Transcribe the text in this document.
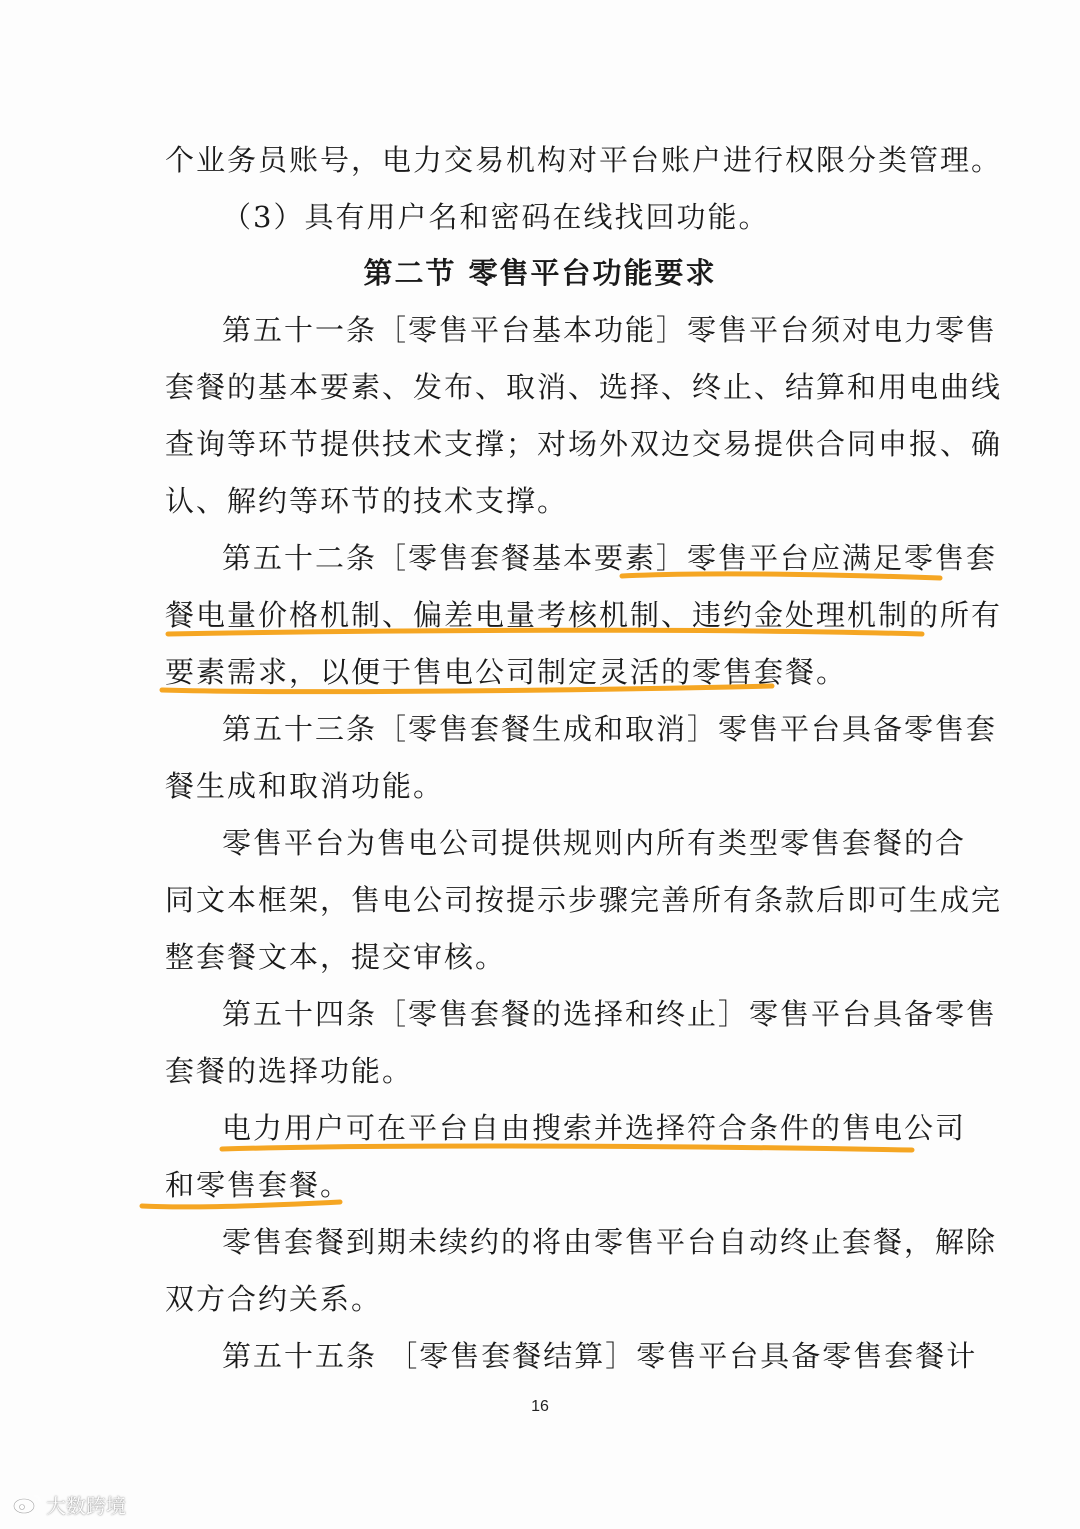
个业务员账号，电力交易机构对平台账户进行权限分类管理。
（3）具有用户名和密码在线找回功能。
第二节 零售平台功能要求
第五十一条［零售平台基本功能］零售平台须对电力零售
套餐的基本要素、发布、取消、选择、终止、结算和用电曲线
查询等环节提供技术支撑；对场外双边交易提供合同申报、确
认、解约等环节的技术支撑。
第五十二条［零售套餐基本要素］零售平台应满足零售套
餐电量价格机制、偏差电量考核机制、违约金处理机制的所有
要素需求，以便于售电公司制定灵活的零售套餐。
第五十三条［零售套餐生成和取消］零售平台具备零售套
餐生成和取消功能。
零售平台为售电公司提供规则内所有类型零售套餐的合
同文本框架，售电公司按提示步骤完善所有条款后即可生成完
整套餐文本，提交审核。
第五十四条［零售套餐的选择和终止］零售平台具备零售
套餐的选择功能。
电力用户可在平台自由搜索并选择符合条件的售电公司
和零售套餐。
零售套餐到期未续约的将由零售平台自动终止套餐，解除
双方合约关系。
第五十五条 ［零售套餐结算］零售平台具备零售套餐计
16
大数跨境
